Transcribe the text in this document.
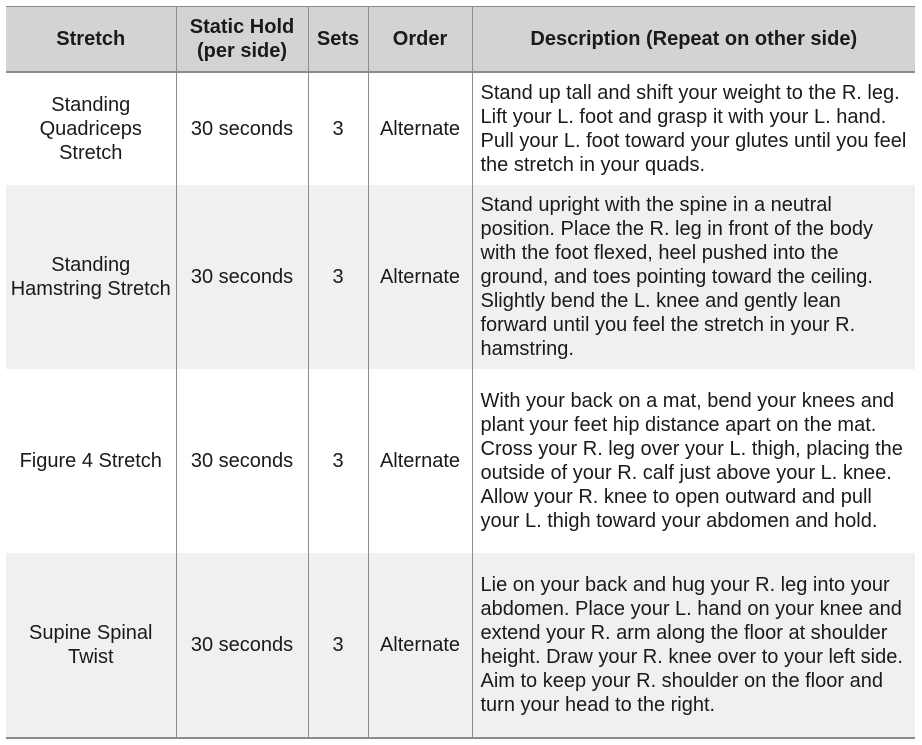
Stretch	Static Hold (per side)	Sets	Order	Description (Repeat on other side)
Standing Quadriceps Stretch	30 seconds	3	Alternate	Stand up tall and shift your weight to the R. leg. Lift your L. foot and grasp it with your L. hand. Pull your L. foot toward your glutes until you feel the stretch in your quads.
Standing Hamstring Stretch	30 seconds	3	Alternate	Stand upright with the spine in a neutral position. Place the R. leg in front of the body with the foot flexed, heel pushed into the ground, and toes pointing toward the ceiling. Slightly bend the L. knee and gently lean forward until you feel the stretch in your R. hamstring.
Figure 4 Stretch	30 seconds	3	Alternate	With your back on a mat, bend your knees and plant your feet hip distance apart on the mat. Cross your R. leg over your L. thigh, placing the outside of your R. calf just above your L. knee. Allow your R. knee to open outward and pull your L. thigh toward your abdomen and hold.
Supine Spinal Twist	30 seconds	3	Alternate	Lie on your back and hug your R. leg into your abdomen. Place your L. hand on your knee and extend your R. arm along the floor at shoulder height. Draw your R. knee over to your left side. Aim to keep your R. shoulder on the floor and turn your head to the right.
